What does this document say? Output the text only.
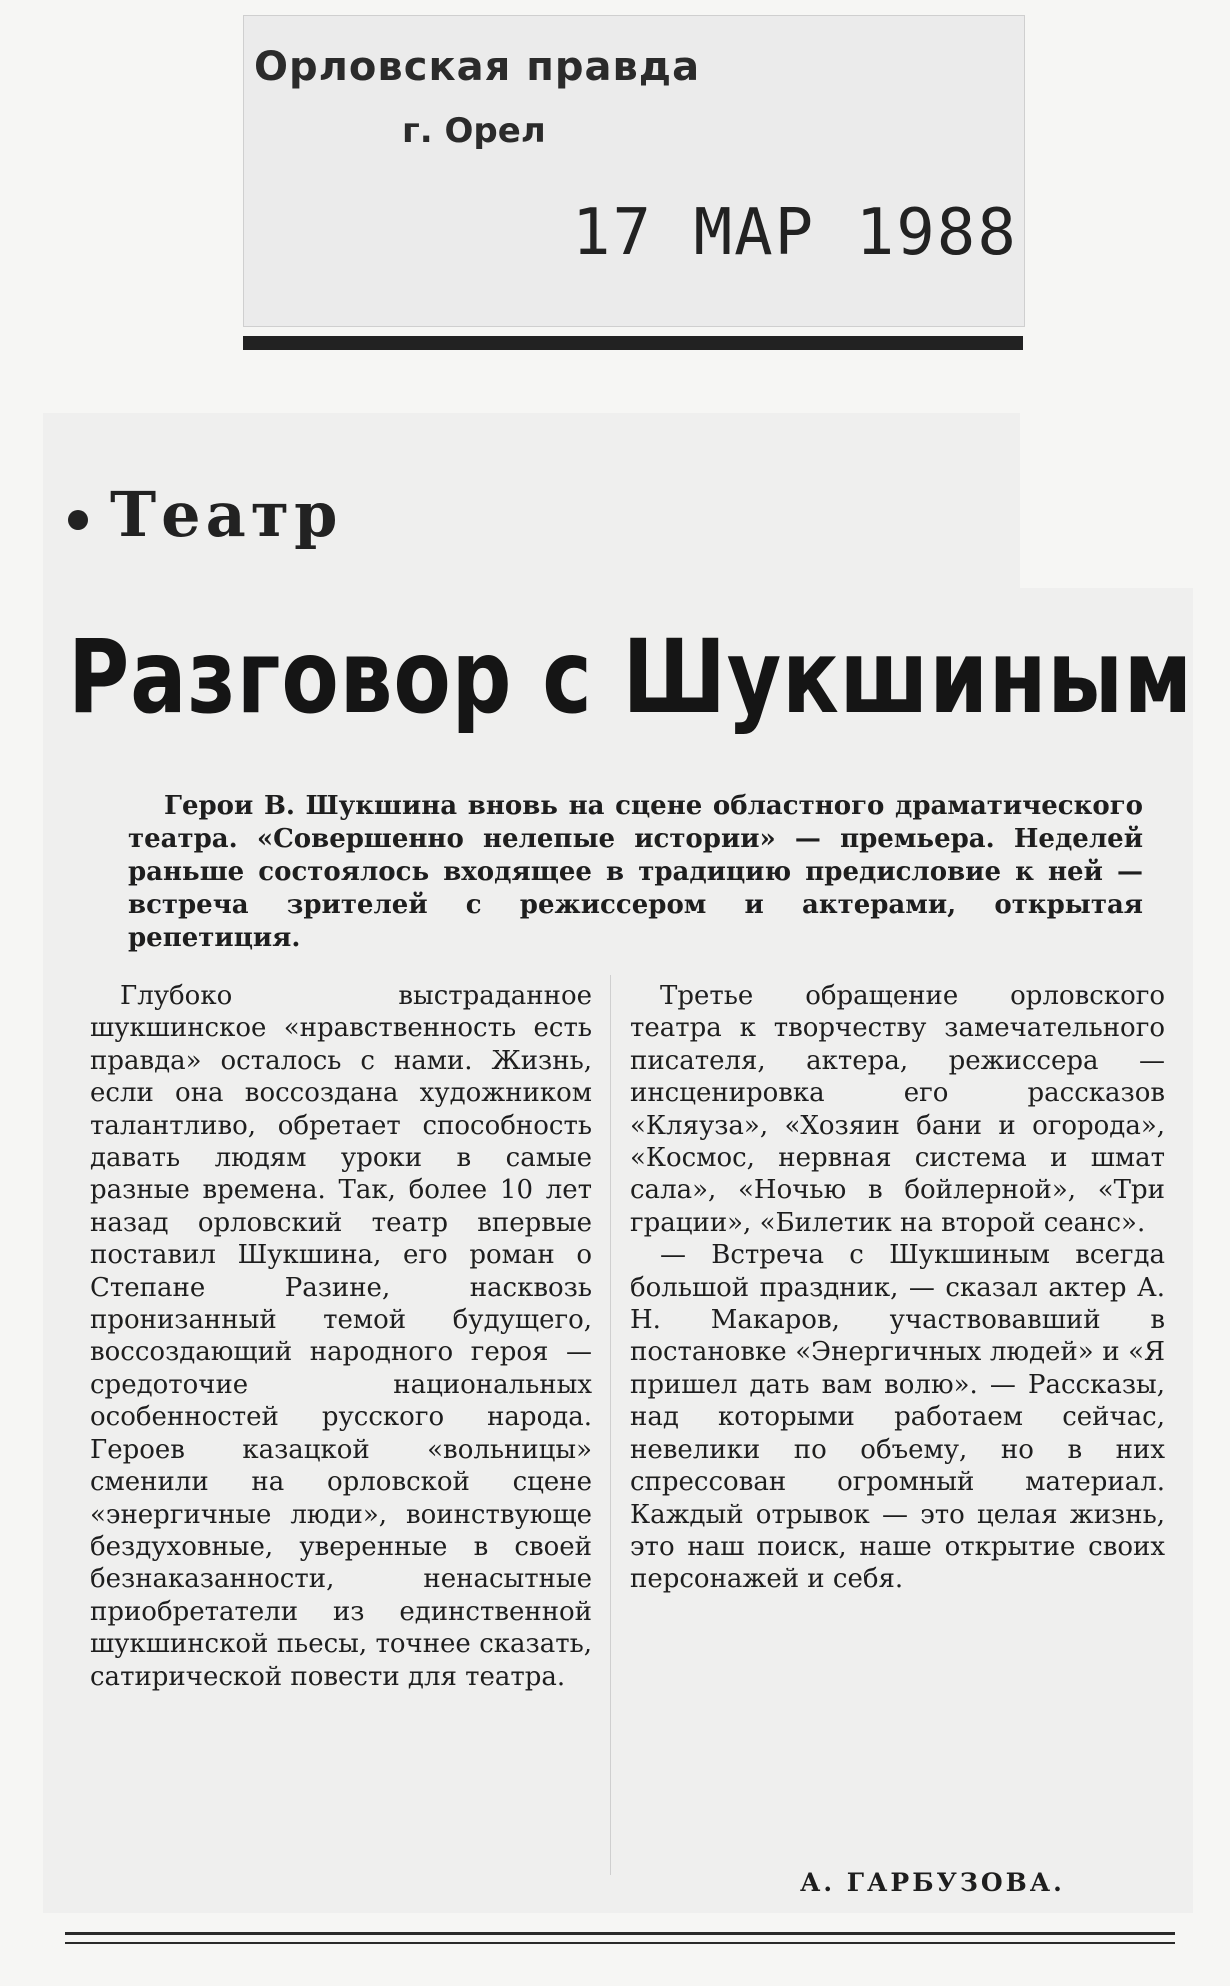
Орловская правда
г. Орел
17 МАР 1988
Театр
Разговор с Шукшиным
Герои В. Шукшина вновь на сцене областного драматического театра. «Совершенно нелепые истории» — премьера. Неделей раньше состоялось входящее в традицию предисловие к ней — встреча зрителей с режиссером и актерами, открытая репетиция.

Глубоко выстраданное шукшинское «нравственность есть правда» осталось с нами. Жизнь, если она воссоздана художником талантливо, обретает способность давать людям уроки в самые разные времена. Так, более 10 лет назад орловский театр впервые поставил Шукшина, его роман о Степане Разине, насквозь пронизанный темой будущего, воссоздающий народного героя — средоточие национальных особенностей русского народа. Героев казацкой «вольницы» сменили на орловской сцене «энергичные люди», воинствующе бездуховные, уверенные в своей безнаказанности, ненасытные приобретатели из единственной шукшинской пьесы, точнее сказать, сатирической повести для театра.

Третье обращение орловского театра к творчеству замечательного писателя, актера, режиссера — инсценировка его рассказов «Кляуза», «Хозяин бани и огорода», «Космос, нервная система и шмат сала», «Ночью в бойлерной», «Три грации», «Билетик на второй сеанс».

— Встреча с Шукшиным всегда большой праздник, — сказал актер А. Н. Макаров, участвовавший в постановке «Энергичных людей» и «Я пришел дать вам волю». — Рассказы, над которыми работаем сейчас, невелики по объему, но в них спрессован огромный материал. Каждый отрывок — это целая жизнь, это наш поиск, наше открытие своих персонажей и себя.

А. ГАРБУЗОВА.
